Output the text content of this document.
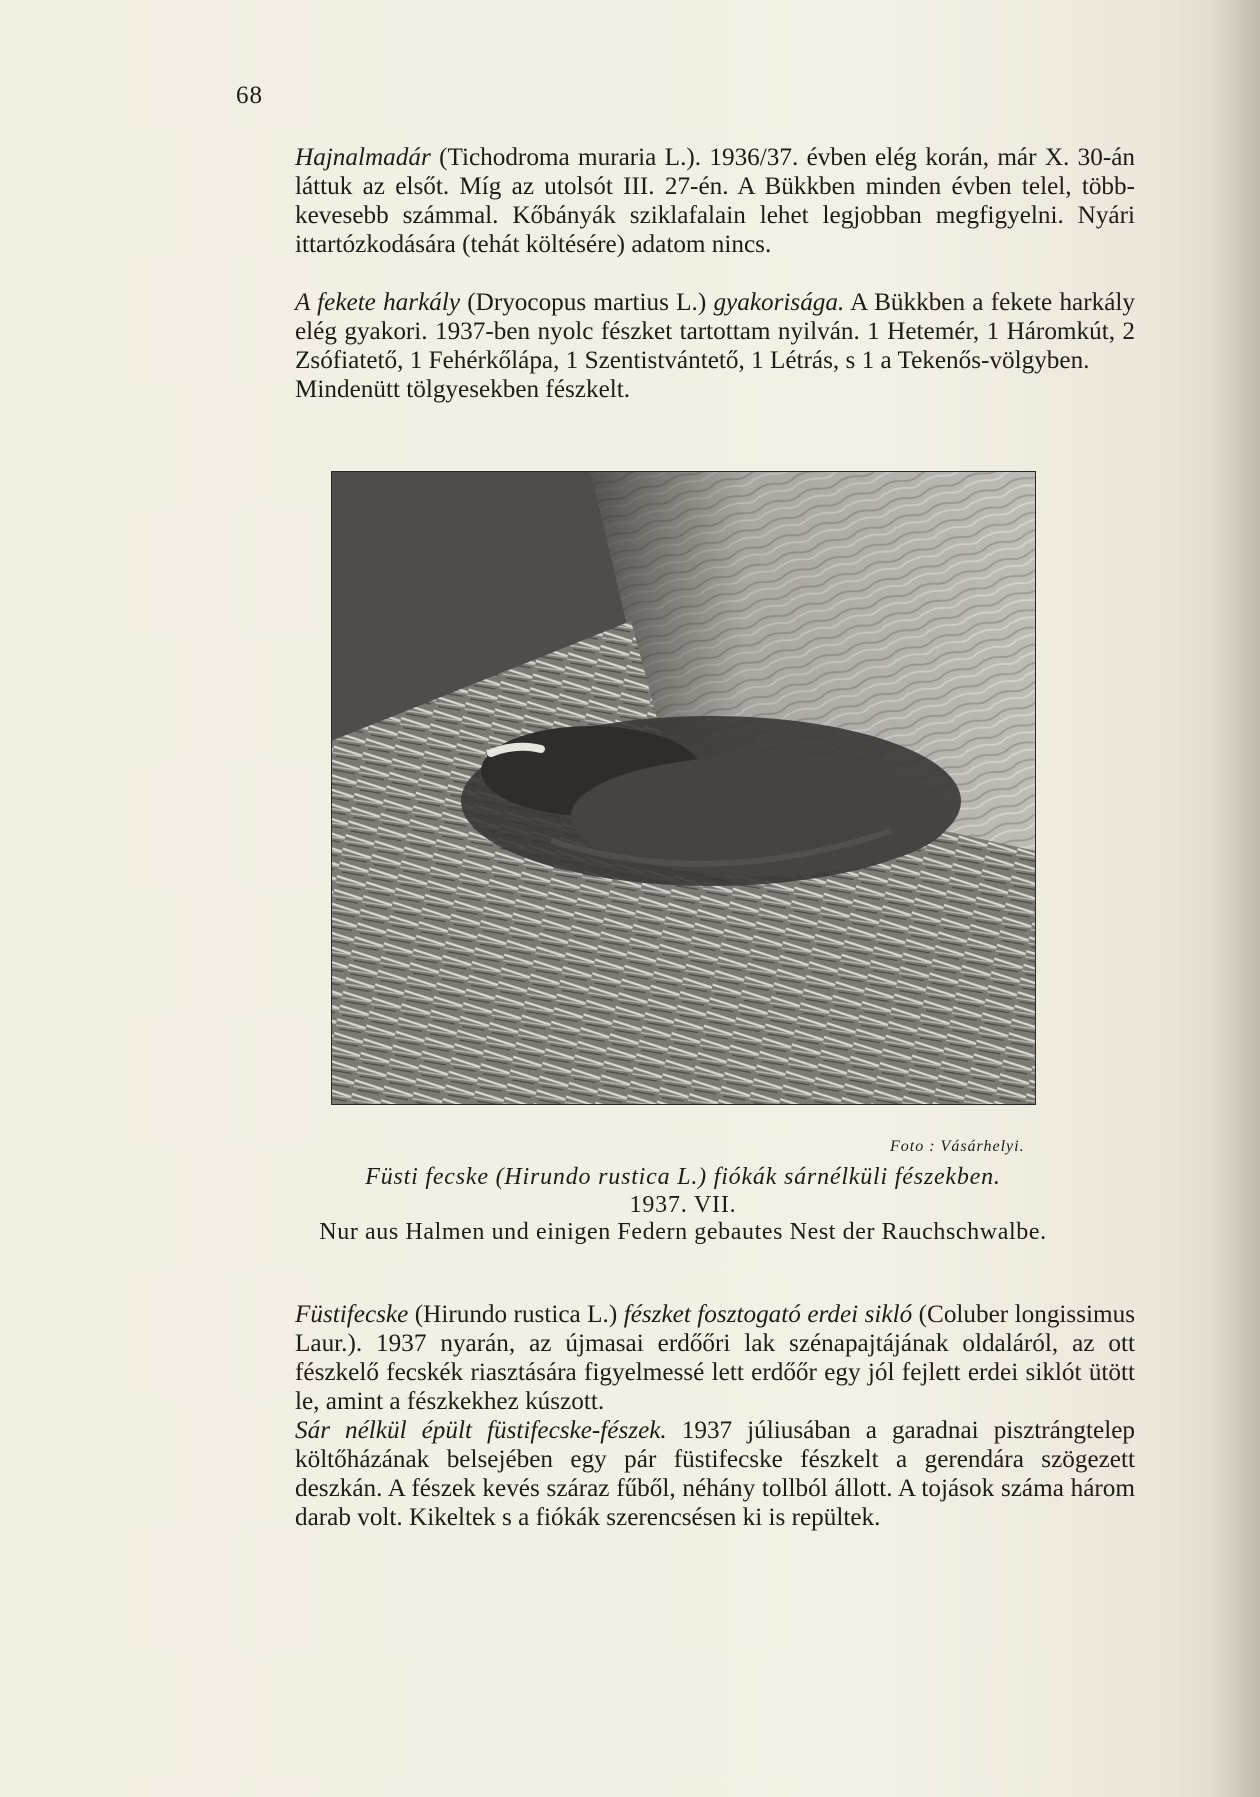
68

Hajnalmadár (Tichodroma muraria L.). 1936/37. évben elég korán, már X. 30-án láttuk az elsőt. Míg az utolsót III. 27-én. A Bükkben minden évben telel, több-kevesebb számmal. Kőbányák sziklafalain lehet legjobban megfigyelni. Nyári ittartózkodására (tehát költésére) adatom nincs.

A fekete harkály (Dryocopus martius L.) gyakorisága. A Bükkben a fekete harkály elég gyakori. 1937-ben nyolc fészket tartottam nyilván. 1 Hetemér, 1 Háromkút, 2 Zsófiatető, 1 Fehérkőlápa, 1 Szentistvántető, 1 Létrás, s 1 a Tekenős-völgyben.

Mindenütt tölgyesekben fészkelt.

Foto : Vásárhelyi.

Füsti fecske (Hirundo rustica L.) fiókák sárnélküli fészekben.

1937. VII.

Nur aus Halmen und einigen Federn gebautes Nest der Rauchschwalbe.

Füstifecske (Hirundo rustica L.) fészket fosztogató erdei sikló (Coluber longissimus Laur.). 1937 nyarán, az újmasai erdőőri lak szénapajtájának oldaláról, az ott fészkelő fecskék riasztására figyelmessé lett erdőőr egy jól fejlett erdei siklót ütött le, amint a fészkekhez kúszott.

Sár nélkül épült füstifecske-fészek. 1937 júliusában a garadnai pisztrángtelep költőházának belsejében egy pár füstifecske fészkelt a gerendára szögezett deszkán. A fészek kevés száraz fűből, néhány tollból állott. A tojások száma három darab volt. Kikeltek s a fiókák szerencsésen ki is repültek.
